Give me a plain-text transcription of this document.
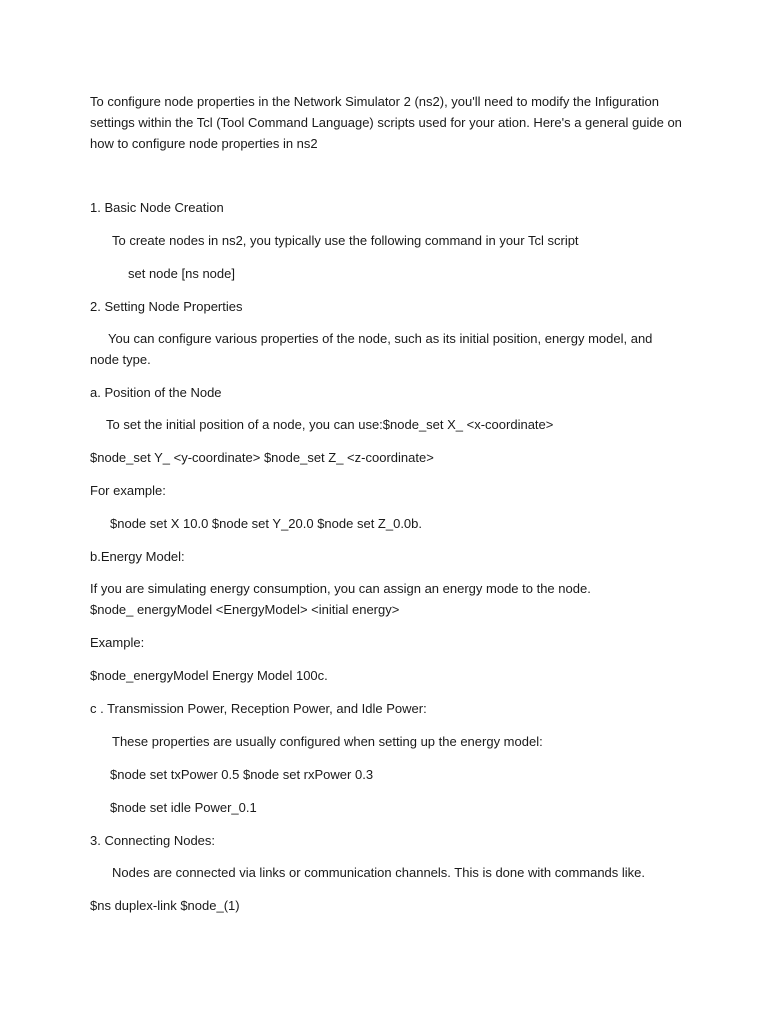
To configure node properties in the Network Simulator 2 (ns2), you'll need to modify the Infiguration settings within the Tcl (Tool Command Language) scripts used for your ation. Here's a general guide on how to configure node properties in ns2

1. Basic Node Creation

To create nodes in ns2, you typically use the following command in your Tcl script

set node [ns node]

2. Setting Node Properties

You can configure various properties of the node, such as its initial position, energy model, and node type.

a. Position of the Node

To set the initial position of a node, you can use:$node_set X_ <x-coordinate>

$node_set Y_ <y-coordinate> $node_set Z_ <z-coordinate>

For example:

$node set X 10.0 $node set Y_20.0 $node set Z_0.0b.

b.Energy Model:

If you are simulating energy consumption, you can assign an energy mode to the node. $node_ energyModel <EnergyModel> <initial energy>

Example:

$node_energyModel Energy Model 100c.

c . Transmission Power, Reception Power, and Idle Power:

These properties are usually configured when setting up the energy model:

$node set txPower 0.5 $node set rxPower 0.3

$node set idle Power_0.1

3. Connecting Nodes:

Nodes are connected via links or communication channels. This is done with commands like.

$ns duplex-link $node_(1)
